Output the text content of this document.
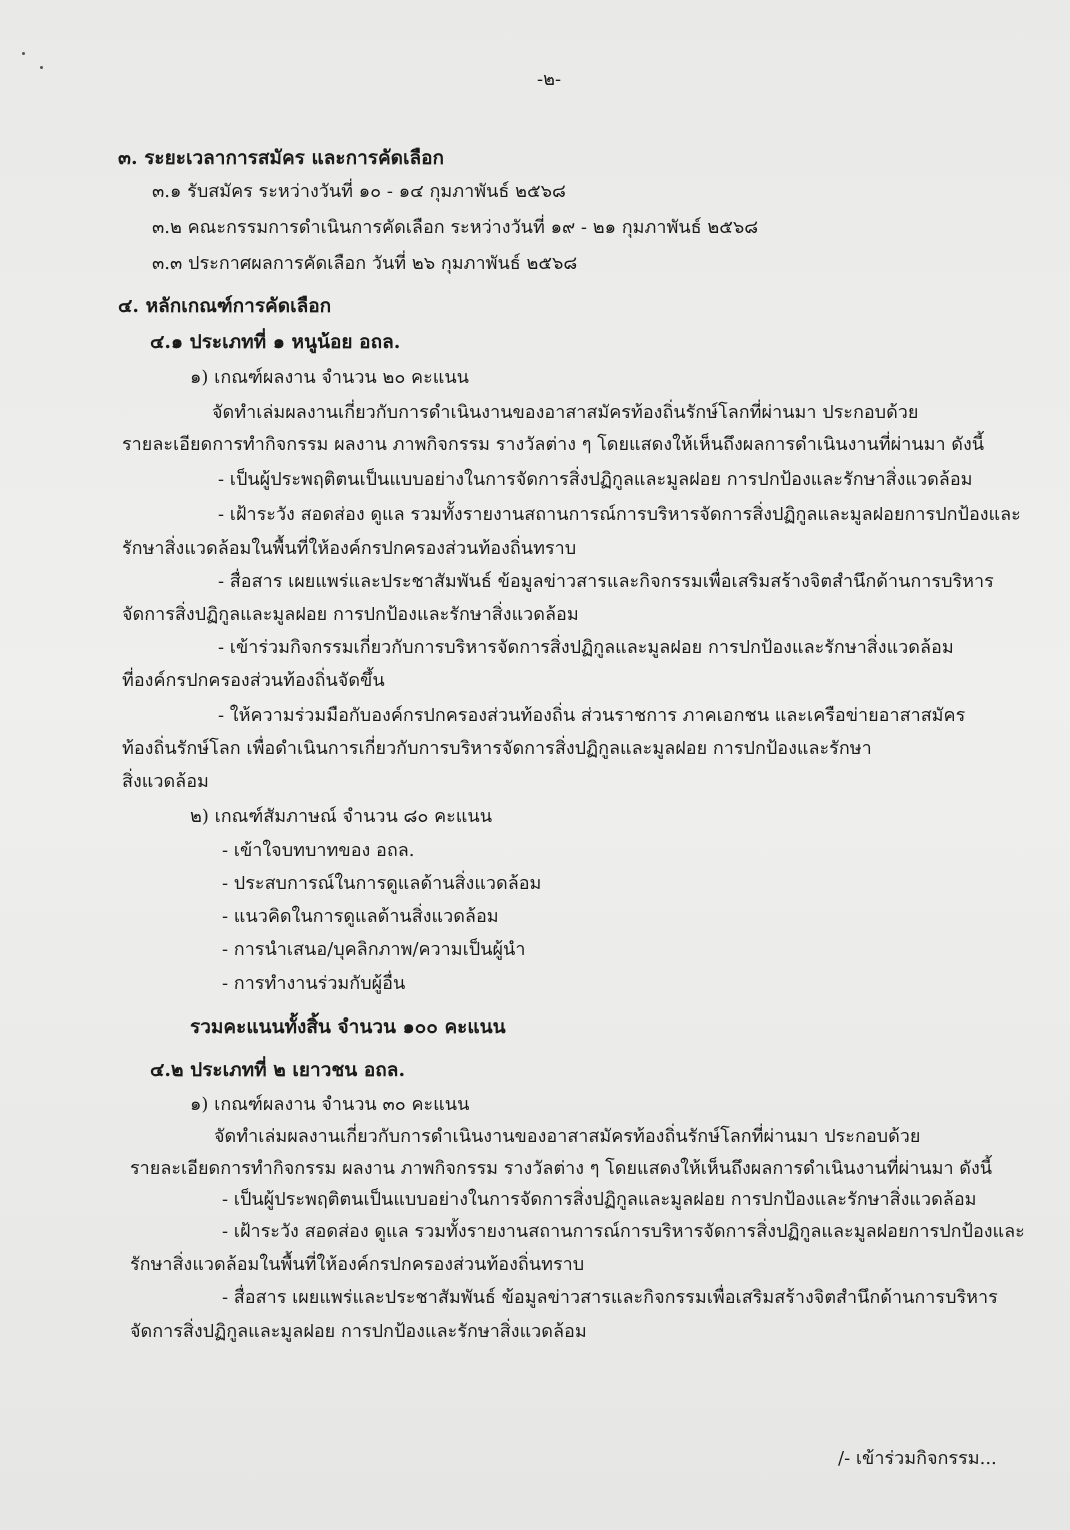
-๒-
๓. ระยะเวลาการสมัคร และการคัดเลือก
๓.๑ รับสมัคร ระหว่างวันที่ ๑๐ - ๑๔ กุมภาพันธ์ ๒๕๖๘
๓.๒ คณะกรรมการดำเนินการคัดเลือก ระหว่างวันที่ ๑๙ - ๒๑ กุมภาพันธ์ ๒๕๖๘
๓.๓ ประกาศผลการคัดเลือก วันที่ ๒๖ กุมภาพันธ์ ๒๕๖๘
๔. หลักเกณฑ์การคัดเลือก
๔.๑ ประเภทที่ ๑ หนูน้อย อถล.
๑) เกณฑ์ผลงาน จำนวน ๒๐ คะแนน
จัดทำเล่มผลงานเกี่ยวกับการดำเนินงานของอาสาสมัครท้องถิ่นรักษ์โลกที่ผ่านมา ประกอบด้วย
รายละเอียดการทำกิจกรรม ผลงาน ภาพกิจกรรม รางวัลต่าง ๆ โดยแสดงให้เห็นถึงผลการดำเนินงานที่ผ่านมา ดังนี้
- เป็นผู้ประพฤติตนเป็นแบบอย่างในการจัดการสิ่งปฏิกูลและมูลฝอย การปกป้องและรักษาสิ่งแวดล้อม
- เฝ้าระวัง สอดส่อง ดูแล รวมทั้งรายงานสถานการณ์การบริหารจัดการสิ่งปฏิกูลและมูลฝอยการปกป้องและ
รักษาสิ่งแวดล้อมในพื้นที่ให้องค์กรปกครองส่วนท้องถิ่นทราบ
- สื่อสาร เผยแพร่และประชาสัมพันธ์ ข้อมูลข่าวสารและกิจกรรมเพื่อเสริมสร้างจิตสำนึกด้านการบริหาร
จัดการสิ่งปฏิกูลและมูลฝอย การปกป้องและรักษาสิ่งแวดล้อม
- เข้าร่วมกิจกรรมเกี่ยวกับการบริหารจัดการสิ่งปฏิกูลและมูลฝอย การปกป้องและรักษาสิ่งแวดล้อม
ที่องค์กรปกครองส่วนท้องถิ่นจัดขึ้น
- ให้ความร่วมมือกับองค์กรปกครองส่วนท้องถิ่น ส่วนราชการ ภาคเอกชน และเครือข่ายอาสาสมัคร
ท้องถิ่นรักษ์โลก เพื่อดำเนินการเกี่ยวกับการบริหารจัดการสิ่งปฏิกูลและมูลฝอย การปกป้องและรักษา
สิ่งแวดล้อม
๒) เกณฑ์สัมภาษณ์ จำนวน ๘๐ คะแนน
- เข้าใจบทบาทของ อถล.
- ประสบการณ์ในการดูแลด้านสิ่งแวดล้อม
- แนวคิดในการดูแลด้านสิ่งแวดล้อม
- การนำเสนอ/บุคลิกภาพ/ความเป็นผู้นำ
- การทำงานร่วมกับผู้อื่น
รวมคะแนนทั้งสิ้น จำนวน ๑๐๐ คะแนน
๔.๒ ประเภทที่ ๒ เยาวชน อถล.
๑) เกณฑ์ผลงาน จำนวน ๓๐ คะแนน
จัดทำเล่มผลงานเกี่ยวกับการดำเนินงานของอาสาสมัครท้องถิ่นรักษ์โลกที่ผ่านมา ประกอบด้วย
รายละเอียดการทำกิจกรรม ผลงาน ภาพกิจกรรม รางวัลต่าง ๆ โดยแสดงให้เห็นถึงผลการดำเนินงานที่ผ่านมา ดังนี้
- เป็นผู้ประพฤติตนเป็นแบบอย่างในการจัดการสิ่งปฏิกูลและมูลฝอย การปกป้องและรักษาสิ่งแวดล้อม
- เฝ้าระวัง สอดส่อง ดูแล รวมทั้งรายงานสถานการณ์การบริหารจัดการสิ่งปฏิกูลและมูลฝอยการปกป้องและ
รักษาสิ่งแวดล้อมในพื้นที่ให้องค์กรปกครองส่วนท้องถิ่นทราบ
- สื่อสาร เผยแพร่และประชาสัมพันธ์ ข้อมูลข่าวสารและกิจกรรมเพื่อเสริมสร้างจิตสำนึกด้านการบริหาร
จัดการสิ่งปฏิกูลและมูลฝอย การปกป้องและรักษาสิ่งแวดล้อม
/- เข้าร่วมกิจกรรม...
